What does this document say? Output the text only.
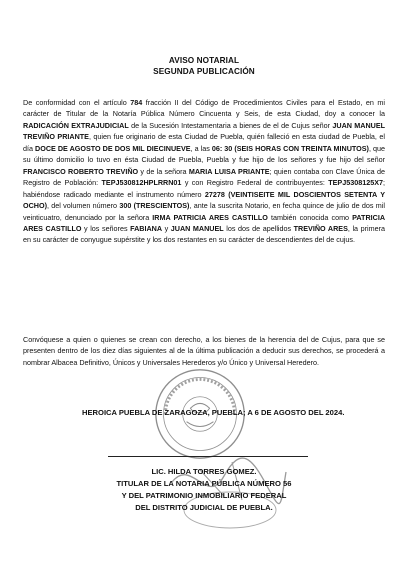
AVISO NOTARIAL
SEGUNDA PUBLICACIÓN
De conformidad con el artículo 784 fracción II del Código de Procedimientos Civiles para el Estado, en mi carácter de Titular de la Notaría Pública Número Cincuenta y Seis, de esta Ciudad, doy a conocer la RADICACIÓN EXTRAJUDICIAL de la Sucesión Intestamentaria a bienes de el de Cujus señor JUAN MANUEL TREVIÑO PRIANTE, quien fue originario de esta Ciudad de Puebla, quién falleció en esta ciudad de Puebla, el día DOCE DE AGOSTO DE DOS MIL DIECINUEVE, a las 06: 30 (SEIS HORAS CON TREINTA MINUTOS), que su último domicilio lo tuvo en ésta Ciudad de Puebla, Puebla y fue hijo de los señores y fue hijo del señor FRANCISCO ROBERTO TREVIÑO y de la señora MARIA LUISA PRIANTE; quien contaba con Clave Única de Registro de Población: TEPJ530812HPLRRN01 y con Registro Federal de contribuyentes: TEPJ5308125X7; habiéndose radicado mediante el instrumento número 27278 (VEINTISEITE MIL DOSCIENTOS SETENTA Y OCHO), del volumen número 300 (TRESCIENTOS), ante la suscrita Notario, en fecha quince de julio de dos mil veinticuatro, denunciado por la señora IRMA PATRICIA ARES CASTILLO también conocida como PATRICIA ARES CASTILLO y los señores FABIANA y JUAN MANUEL los dos de apellidos TREVIÑO ARES, la primera en su carácter de conyugue supérstite y los dos restantes en su carácter de descendientes del de cujus.
Convóquese a quien o quienes se crean con derecho, a los bienes de la herencia del de Cujus, para que se presenten dentro de los diez días siguientes al de la última publicación a deducir sus derechos, se procederá a nombrar Albacea Definitivo, Únicos y Universales Herederos y/o Único y Universal Heredero.
HEROICA PUEBLA DE ZARAGOZA, PUEBLA; A 6 DE AGOSTO DEL 2024.
LIC. HILDA TORRES GOMEZ.
TITULAR DE LA NOTARIA PÚBLICA NÚMERO 56
Y DEL PATRIMONIO INMOBILIARIO FEDERAL
DEL DISTRITO JUDICIAL DE PUEBLA.
